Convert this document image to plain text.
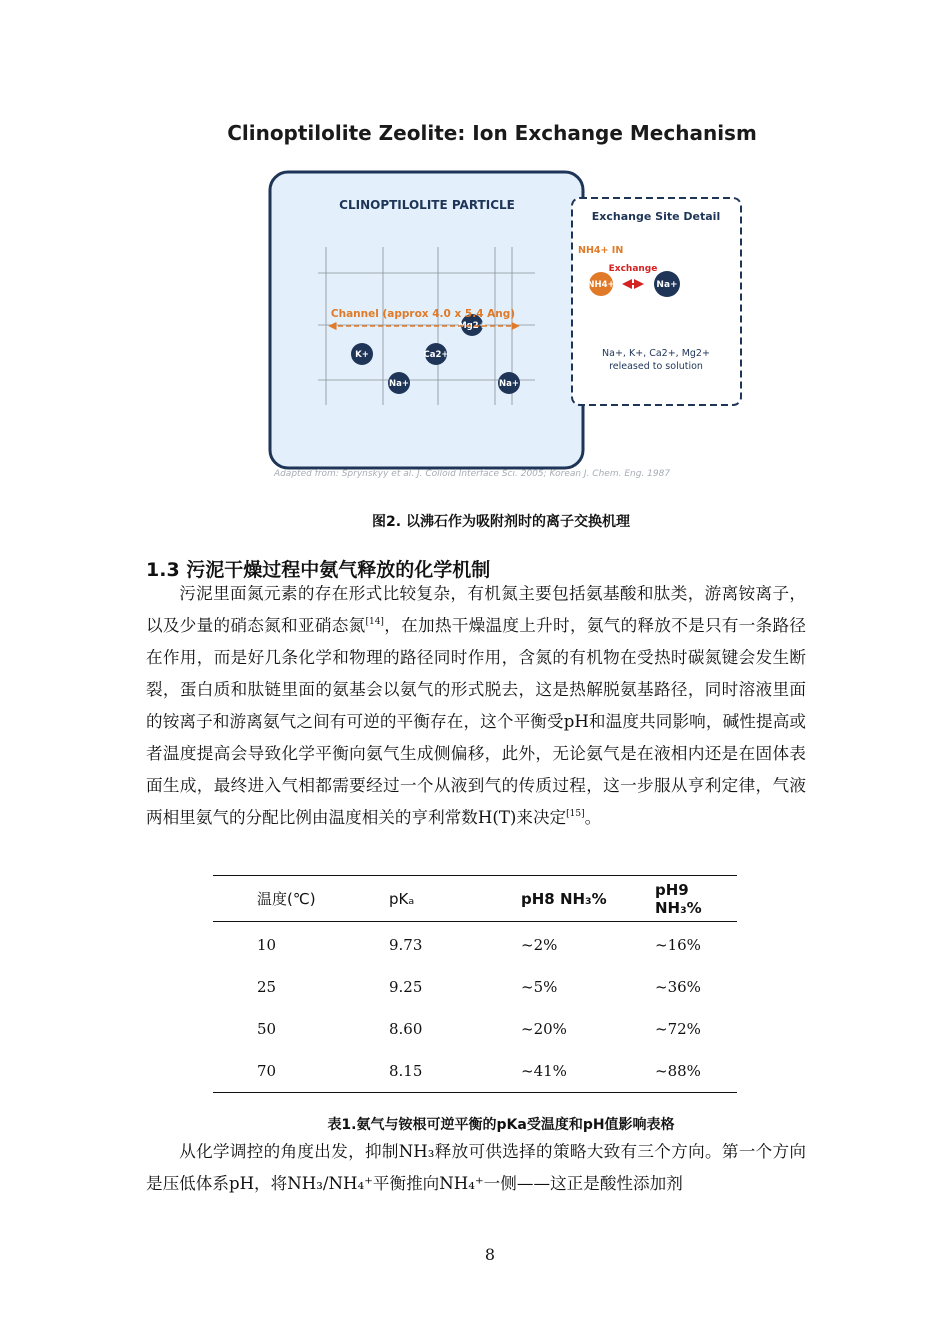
Clinoptilolite Zeolite: Ion Exchange Mechanism
CLINOPTILOLITE PARTICLE
Mg2+
Channel (approx 4.0 x 5.4 Ang)
K+	Ca2+
Na+	Na+
Exchange Site Detail
NH4+ IN
Exchange
NH4+	Na+
Na+, K+, Ca2+, Mg2+
released to solution
Adapted from: Sprynskyy et al. J. Colloid Interface Sci. 2005; Korean J. Chem. Eng. 1987
图2. 以沸石作为吸附剂时的离子交换机理
1.3 污泥干燥过程中氨气释放的化学机制

污泥里面氮元素的存在形式比较复杂，有机氮主要包括氨基酸和肽类，游离铵离子，以及少量的硝态氮和亚硝态氮[14]，在加热干燥温度上升时，氨气的释放不是只有一条路径在作用，而是好几条化学和物理的路径同时作用，含氮的有机物在受热时碳氮键会发生断裂，蛋白质和肽链里面的氨基会以氨气的形式脱去，这是热解脱氨基路径，同时溶液里面的铵离子和游离氨气之间有可逆的平衡存在，这个平衡受pH和温度共同影响，碱性提高或者温度提高会导致化学平衡向氨气生成侧偏移，此外，无论氨气是在液相内还是在固体表面生成，最终进入气相都需要经过一个从液到气的传质过程，这一步服从亨利定律，气液两相里氨气的分配比例由温度相关的亨利常数H(T)来决定[15]。

温度(℃)	pKₐ	pH8 NH₃%	pH9 NH₃%
10	9.73	~2%	~16%
25	9.25	~5%	~36%
50	8.60	~20%	~72%
70	8.15	~41%	~88%
表1.氨气与铵根可逆平衡的pKa受温度和pH值影响表格

从化学调控的角度出发，抑制NH₃释放可供选择的策略大致有三个方向。第一个方向是压低体系pH，将NH₃/NH₄⁺平衡推向NH₄⁺一侧——这正是酸性添加剂

8
